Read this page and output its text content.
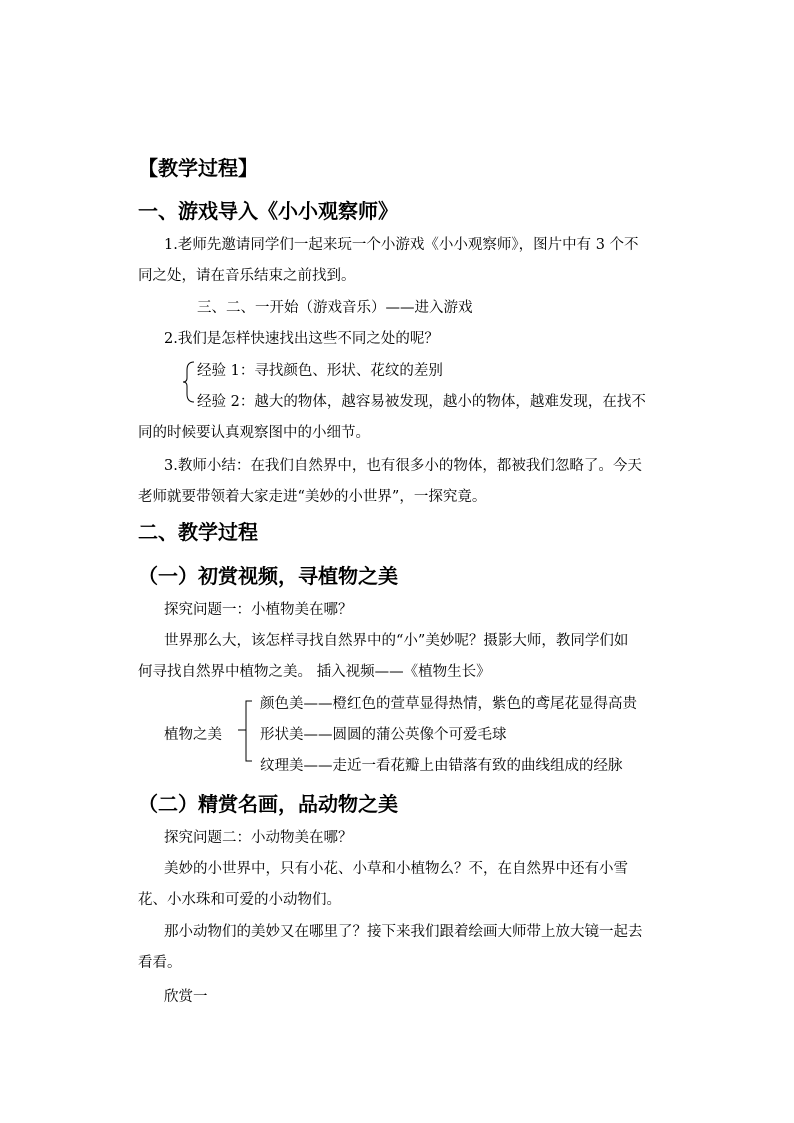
【教学过程】
一、游戏导入《小小观察师》
1.老师先邀请同学们一起来玩一个小游戏《小小观察师》，图片中有 3 个不
同之处，请在音乐结束之前找到。
三、二、一开始（游戏音乐）——进入游戏
2.我们是怎样快速找出这些不同之处的呢？
经验 1：寻找颜色、形状、花纹的差别
经验 2：越大的物体，越容易被发现，越小的物体，越难发现，在找不
同的时候要认真观察图中的小细节。
3.教师小结：在我们自然界中，也有很多小的物体，都被我们忽略了。今天
老师就要带领着大家走进“美妙的小世界”，一探究竟。
二、教学过程
（一）初赏视频，寻植物之美
探究问题一：小植物美在哪？
世界那么大，该怎样寻找自然界中的“小”美妙呢？摄影大师，教同学们如
何寻找自然界中植物之美。 插入视频——《植物生长》
植物之美
颜色美——橙红色的萱草显得热情，紫色的鸢尾花显得高贵
形状美——圆圆的蒲公英像个可爱毛球
纹理美——走近一看花瓣上由错落有致的曲线组成的经脉
（二）精赏名画，品动物之美
探究问题二：小动物美在哪？
美妙的小世界中，只有小花、小草和小植物么？不，在自然界中还有小雪
花、小水珠和可爱的小动物们。
那小动物们的美妙又在哪里了？接下来我们跟着绘画大师带上放大镜一起去
看看。
欣赏一
